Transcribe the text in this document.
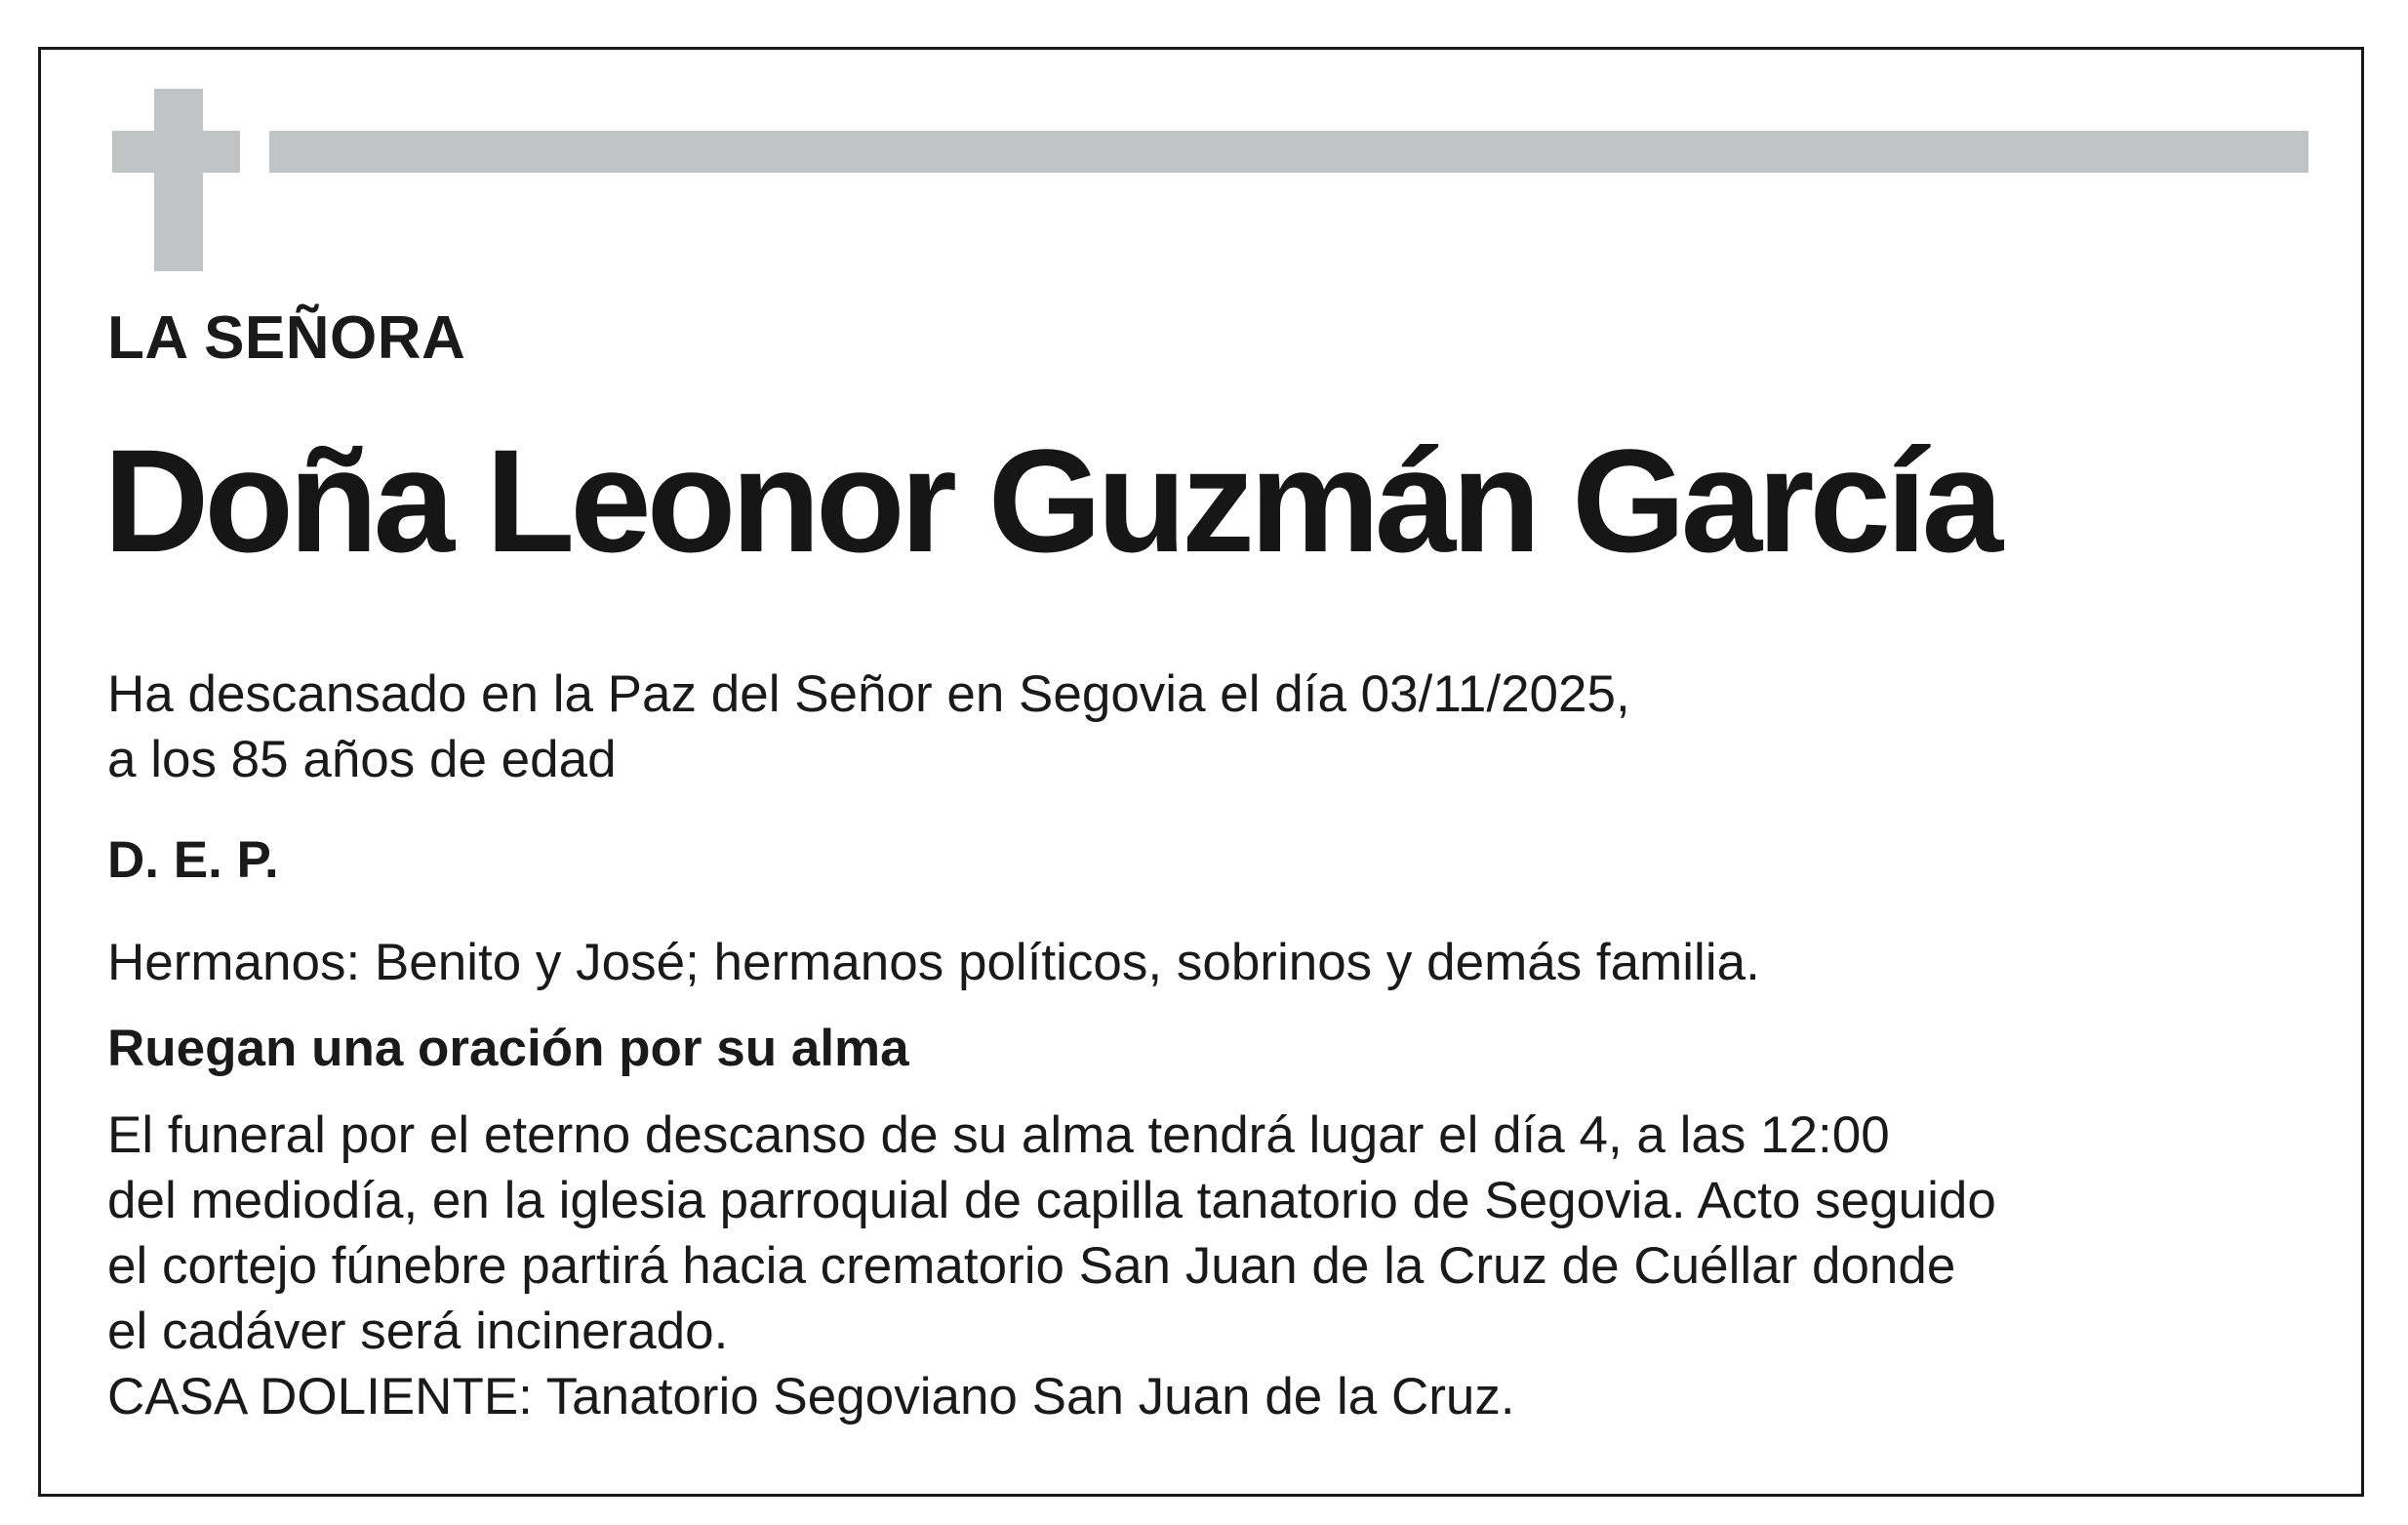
LA SEÑORA
Doña Leonor Guzmán García

Ha descansado en la Paz del Señor en Segovia el día 03/11/2025,

a los 85 años de edad

D. E. P.

Hermanos: Benito y José; hermanos políticos, sobrinos y demás familia.

Ruegan una oración por su alma

El funeral por el eterno descanso de su alma tendrá lugar el día 4, a las 12:00
del mediodía, en la iglesia parroquial de capilla tanatorio de Segovia. Acto seguido
el cortejo fúnebre partirá hacia crematorio San Juan de la Cruz de Cuéllar donde
el cadáver será incinerado.
CASA DOLIENTE: Tanatorio Segoviano San Juan de la Cruz.
